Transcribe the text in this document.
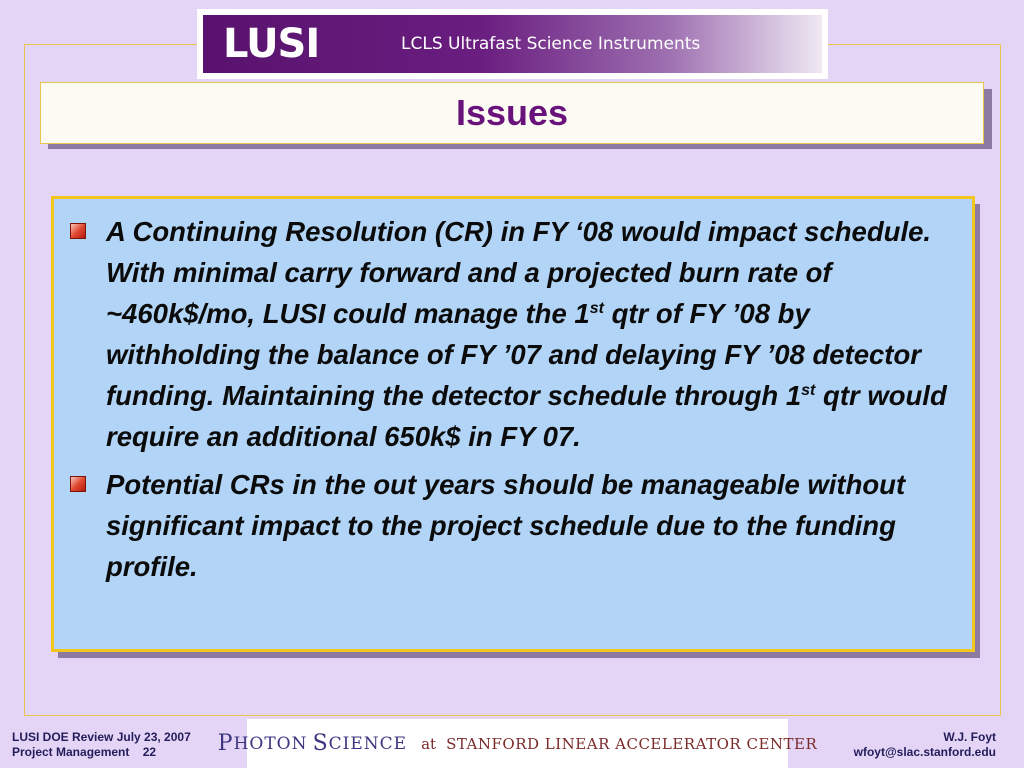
LUSI	LCLS Ultrafast Science Instruments
Issues
A Continuing Resolution (CR) in FY ‘08 would impact schedule. With minimal carry forward and a projected burn rate of ~460k$/mo, LUSI could manage the 1st qtr of FY ’08 by withholding the balance of FY ’07 and delaying FY ’08 detector funding. Maintaining the detector schedule through 1st qtr would require an additional 650k$ in FY 07.
Potential CRs in the out years should be manageable without significant impact to the project schedule due to the funding profile.
LUSI DOE Review July 23, 2007
Project Management 22	P HOTON
S CIENCE at STANFORD LINEAR ACCELERATOR CENTER	W.J. Foyt
wfoyt@slac.stanford.edu
